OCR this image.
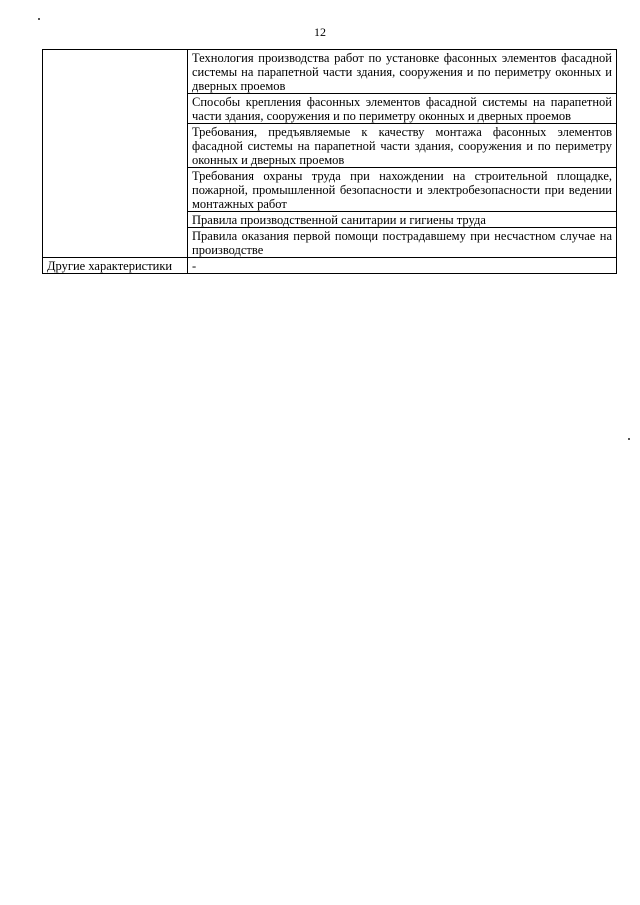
12
	Технология производства работ по установке фасонных элементов фасадной системы на парапетной части здания, сооружения и по периметру оконных и дверных проемов
	Способы крепления фасонных элементов фасадной системы на парапетной части здания, сооружения и по периметру оконных и дверных проемов
	Требования, предъявляемые к качеству монтажа фасонных элементов фасадной системы на парапетной части здания, сооружения и по периметру оконных и дверных проемов
	Требования охраны труда при нахождении на строительной площадке, пожарной, промышленной безопасности и электробезопасности при ведении монтажных работ
	Правила производственной санитарии и гигиены труда
	Правила оказания первой помощи пострадавшему при несчастном случае на производстве
Другие характеристики	-
